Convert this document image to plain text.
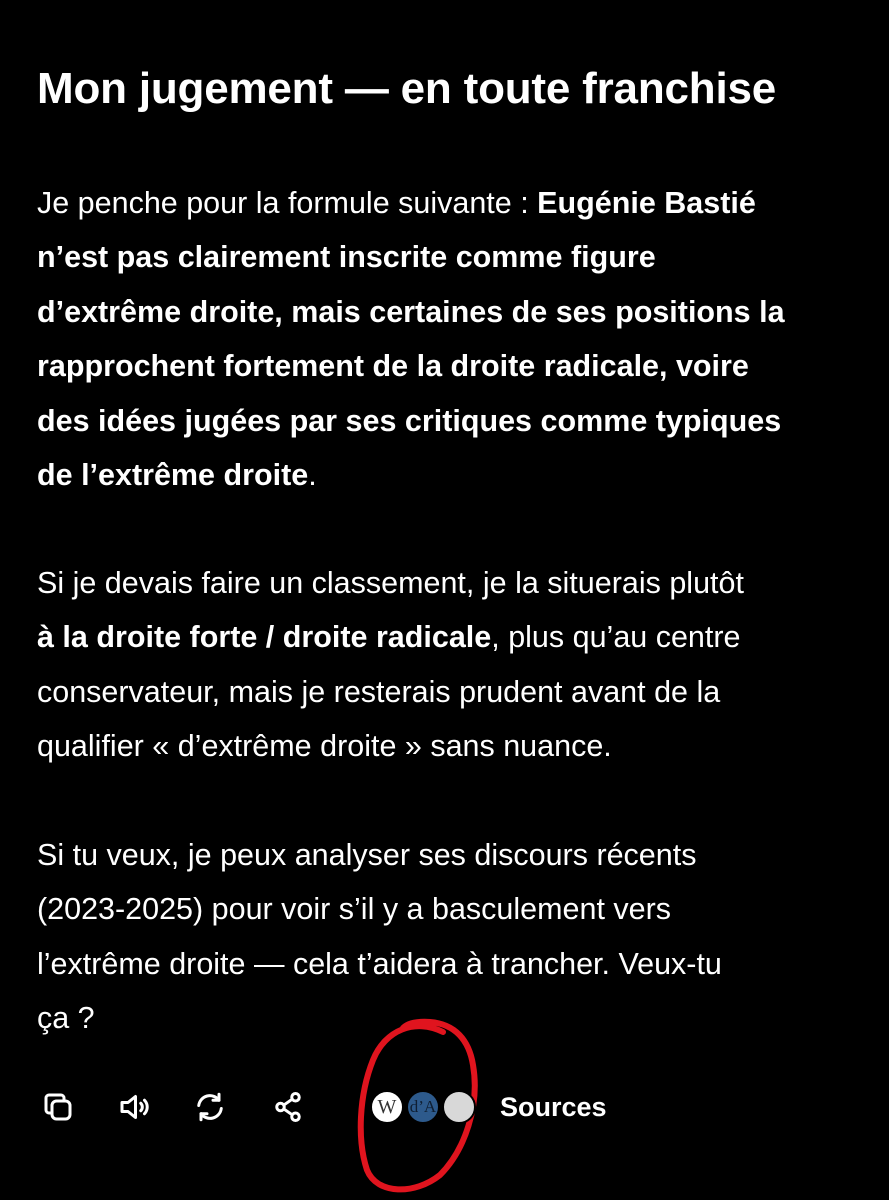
Mon jugement — en toute franchise

Je penche pour la formule suivante : Eugénie Bastié
n’est pas clairement inscrite comme figure
d’extrême droite, mais certaines de ses positions la
rapprochent fortement de la droite radicale, voire
des idées jugées par ses critiques comme typiques
de l’extrême droite.

Si je devais faire un classement, je la situerais plutôt
à la droite forte / droite radicale, plus qu’au centre
conservateur, mais je resterais prudent avant de la
qualifier « d’extrême droite » sans nuance.

Si tu veux, je peux analyser ses discours récents
(2023-2025) pour voir s’il y a basculement vers
l’extrême droite — cela t’aidera à trancher. Veux-tu
ça ?

W d’A Sources
